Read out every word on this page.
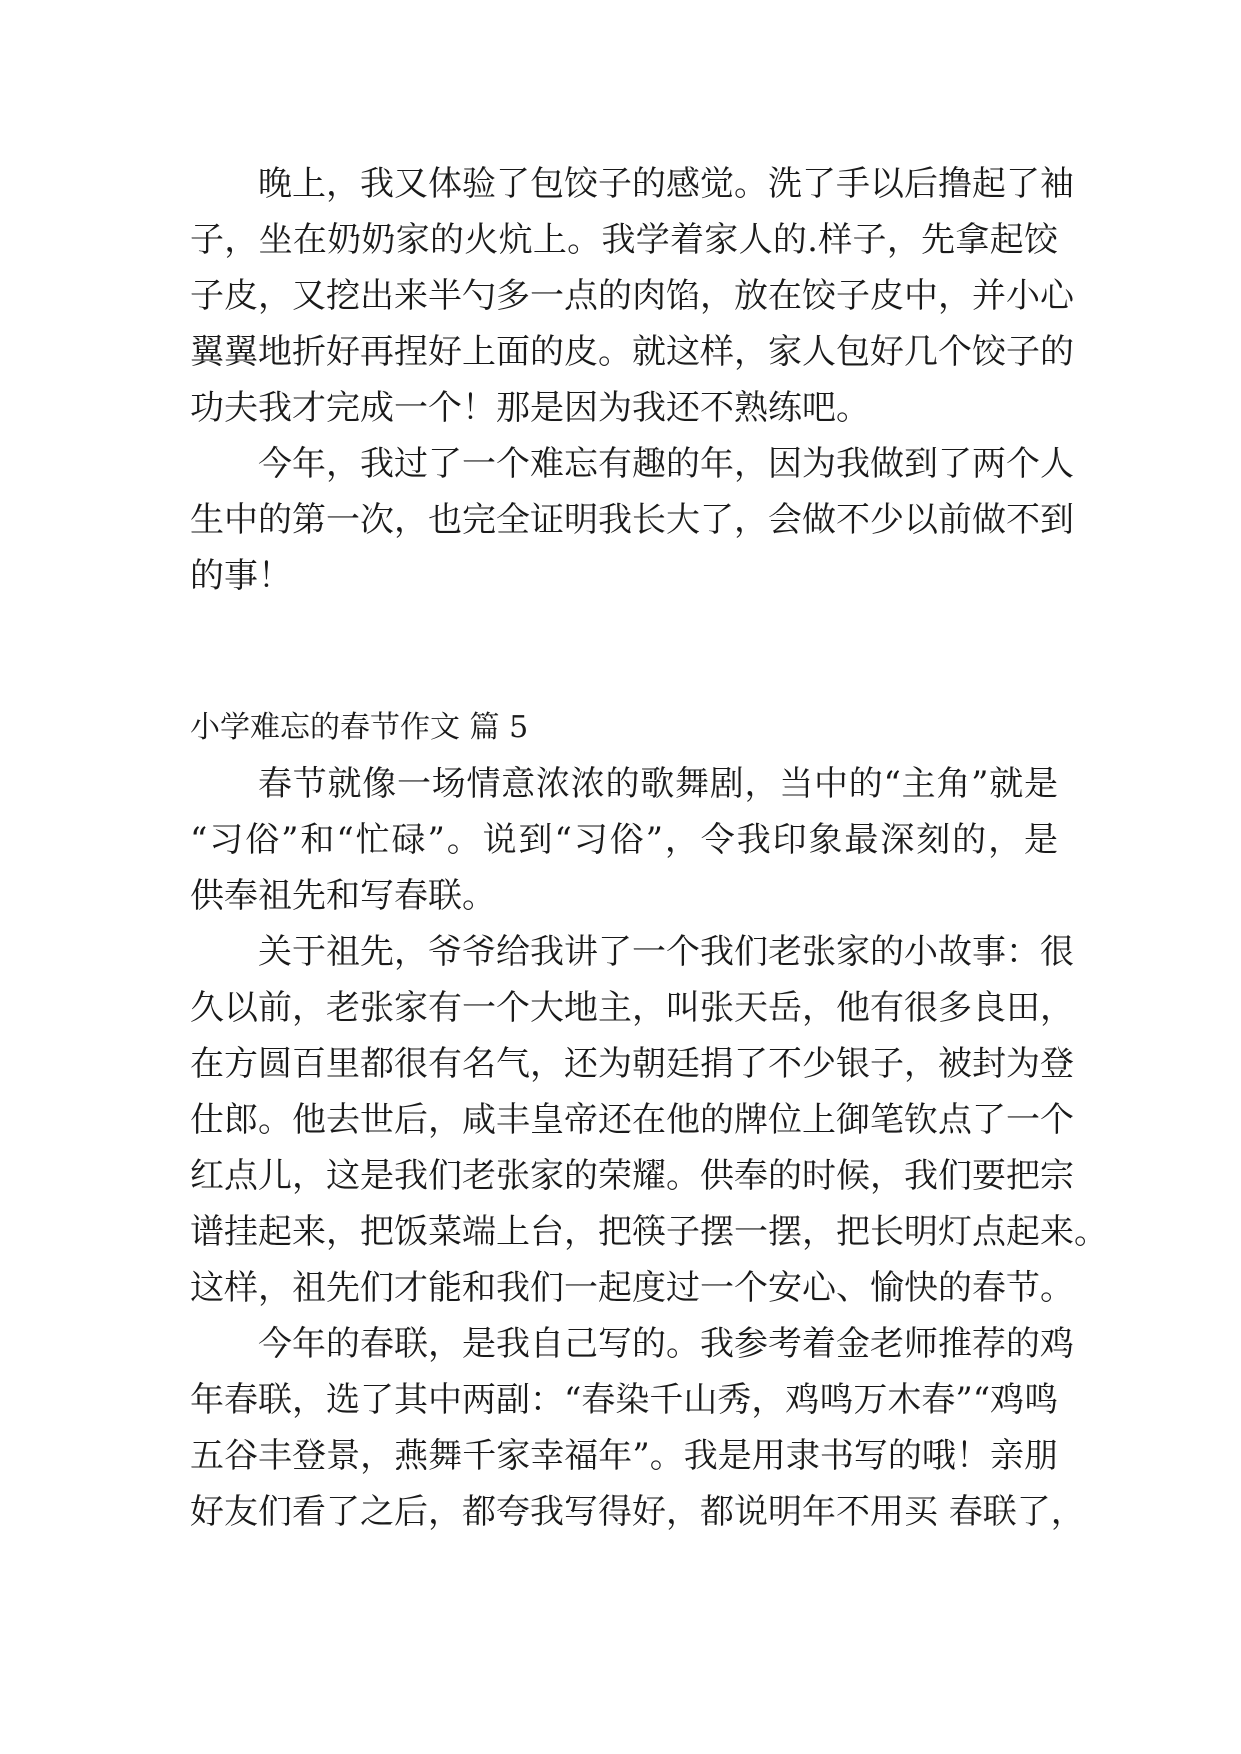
晚上，我又体验了包饺子的感觉。洗了手以后撸起了袖
子，坐在奶奶家的火炕上。我学着家人的.样子，先拿起饺
子皮，又挖出来半勺多一点的肉馅，放在饺子皮中，并小心
翼翼地折好再捏好上面的皮。就这样，家人包好几个饺子的
功夫我才完成一个！那是因为我还不熟练吧。
今年，我过了一个难忘有趣的年，因为我做到了两个人
生中的第一次，也完全证明我长大了，会做不少以前做不到
的事！
小学难忘的春节作文 篇 5
春节就像一场情意浓浓的歌舞剧，当中的“主角”就是
“习俗”和“忙碌”。说到“习俗”，令我印象最深刻的，是
供奉祖先和写春联。
关于祖先，爷爷给我讲了一个我们老张家的小故事：很
久以前，老张家有一个大地主，叫张天岳，他有很多良田，
在方圆百里都很有名气，还为朝廷捐了不少银子，被封为登
仕郎。他去世后，咸丰皇帝还在他的牌位上御笔钦点了一个
红点儿，这是我们老张家的荣耀。供奉的时候，我们要把宗
谱挂起来，把饭菜端上台，把筷子摆一摆，把长明灯点起来。
这样，祖先们才能和我们一起度过一个安心、愉快的春节。
今年的春联，是我自己写的。我参考着金老师推荐的鸡
年春联，选了其中两副：“春染千山秀，鸡鸣万木春”“鸡鸣
五谷丰登景，燕舞千家幸福年”。我是用隶书写的哦！亲朋
好友们看了之后，都夸我写得好，都说明年不用买 春联了，
